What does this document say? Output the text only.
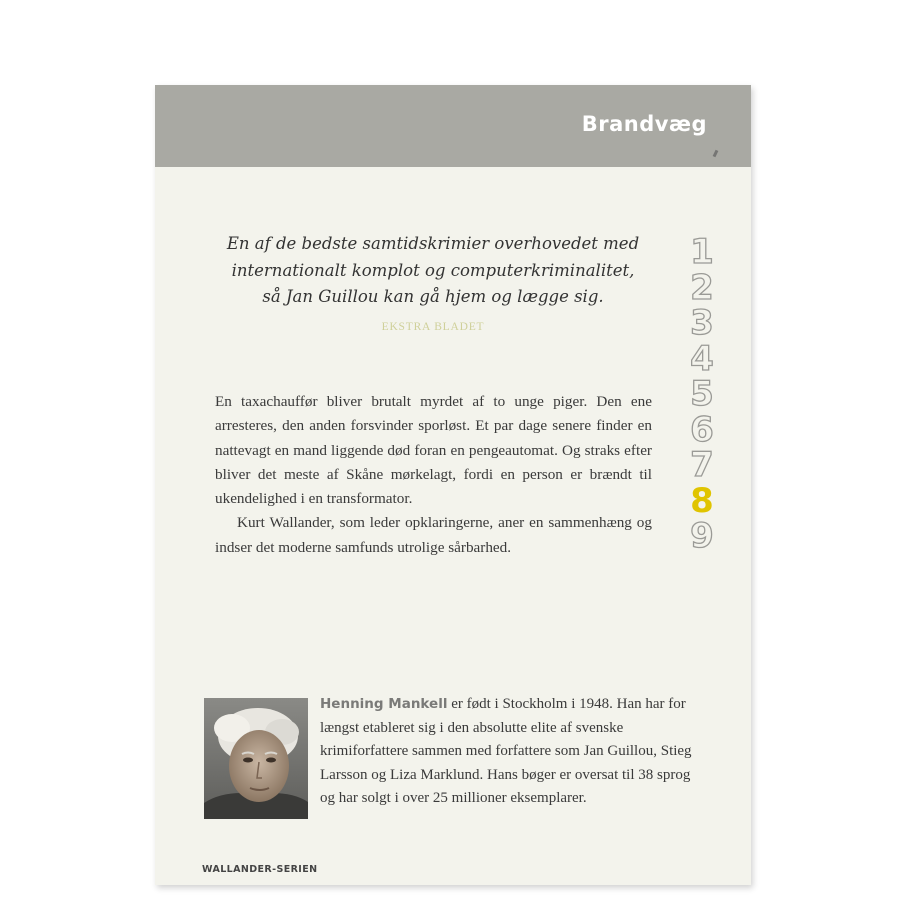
Brandvæg
En af de bedste samtidskrimier overhovedet med
internationalt komplot og computerkriminalitet,
så Jan Guillou kan gå hjem og lægge sig.
EKSTRA BLADET

En taxachauffør bliver brutalt myrdet af to unge piger. Den ene arresteres, den anden forsvinder sporløst. Et par dage senere finder en nattevagt en mand liggende død foran en pengeautomat. Og straks efter bliver det meste af Skåne mørkelagt, fordi en person er brændt til ukendelighed i en transformator.

Kurt Wallander, som leder opklaringerne, aner en sammenhæng og indser det moderne samfunds utrolige sårbarhed.

1
2
3
4
5
6
7
8
9
Henning Mankell er født i Stockholm i 1948. Han har for længst etableret sig i den absolutte elite af svenske krimiforfattere sammen med forfattere som Jan Guillou, Stieg Larsson og Liza Marklund. Hans bøger er oversat til 38 sprog og har solgt i over 25 millioner eksemplarer.
WALLANDER-SERIEN
